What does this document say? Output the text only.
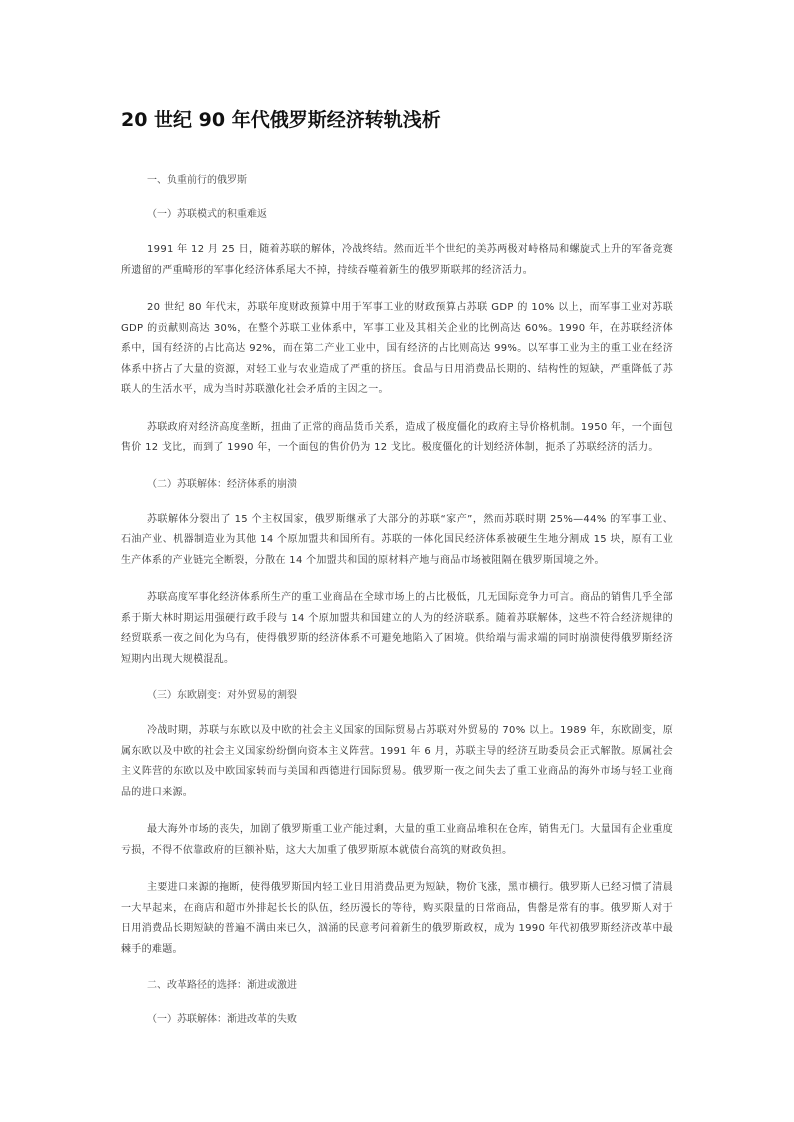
20 世纪 90 年代俄罗斯经济转轨浅析
一、负重前行的俄罗斯
（一）苏联模式的积重难返

1991 年 12 月 25 日，随着苏联的解体，冷战终结。然而近半个世纪的美苏两极对峙格局和螺旋式上升的军备竞赛所遗留的严重畸形的军事化经济体系尾大不掉，持续吞噬着新生的俄罗斯联邦的经济活力。

20 世纪 80 年代末，苏联年度财政预算中用于军事工业的财政预算占苏联 GDP 的 10% 以上，而军事工业对苏联 GDP 的贡献则高达 30%，在整个苏联工业体系中，军事工业及其相关企业的比例高达 60%。1990 年，在苏联经济体系中，国有经济的占比高达 92%，而在第二产业工业中，国有经济的占比则高达 99%。以军事工业为主的重工业在经济体系中挤占了大量的资源，对轻工业与农业造成了严重的挤压。食品与日用消费品长期的、结构性的短缺，严重降低了苏联人的生活水平，成为当时苏联激化社会矛盾的主因之一。

苏联政府对经济高度垄断，扭曲了正常的商品货币关系，造成了极度僵化的政府主导价格机制。1950 年，一个面包售价 12 戈比，而到了 1990 年，一个面包的售价仍为 12 戈比。极度僵化的计划经济体制，扼杀了苏联经济的活力。

（二）苏联解体：经济体系的崩溃

苏联解体分裂出了 15 个主权国家，俄罗斯继承了大部分的苏联“家产”，然而苏联时期 25%—44% 的军事工业、石油产业、机器制造业为其他 14 个原加盟共和国所有。苏联的一体化国民经济体系被硬生生地分割成 15 块，原有工业生产体系的产业链完全断裂，分散在 14 个加盟共和国的原材料产地与商品市场被阻隔在俄罗斯国境之外。

苏联高度军事化经济体系所生产的重工业商品在全球市场上的占比极低，几无国际竞争力可言。商品的销售几乎全部系于斯大林时期运用强硬行政手段与 14 个原加盟共和国建立的人为的经济联系。随着苏联解体，这些不符合经济规律的经贸联系一夜之间化为乌有，使得俄罗斯的经济体系不可避免地陷入了困境。供给端与需求端的同时崩溃使得俄罗斯经济短期内出现大规模混乱。

（三）东欧剧变：对外贸易的割裂

冷战时期，苏联与东欧以及中欧的社会主义国家的国际贸易占苏联对外贸易的 70% 以上。1989 年，东欧剧变，原属东欧以及中欧的社会主义国家纷纷倒向资本主义阵营。1991 年 6 月，苏联主导的经济互助委员会正式解散。原属社会主义阵营的东欧以及中欧国家转而与美国和西德进行国际贸易。俄罗斯一夜之间失去了重工业商品的海外市场与轻工业商品的进口来源。

最大海外市场的丧失，加剧了俄罗斯重工业产能过剩，大量的重工业商品堆积在仓库，销售无门。大量国有企业重度亏损，不得不依靠政府的巨额补贴，这大大加重了俄罗斯原本就债台高筑的财政负担。

主要进口来源的拖断，使得俄罗斯国内轻工业日用消费品更为短缺，物价飞涨，黑市横行。俄罗斯人已经习惯了清晨一大早起来，在商店和超市外排起长长的队伍，经历漫长的等待，购买限量的日常商品，售罄是常有的事。俄罗斯人对于日用消费品长期短缺的普遍不满由来已久，汹涌的民意考问着新生的俄罗斯政权，成为 1990 年代初俄罗斯经济改革中最棘手的难题。

二、改革路径的选择：渐进或激进
（一）苏联解体：渐进改革的失败
